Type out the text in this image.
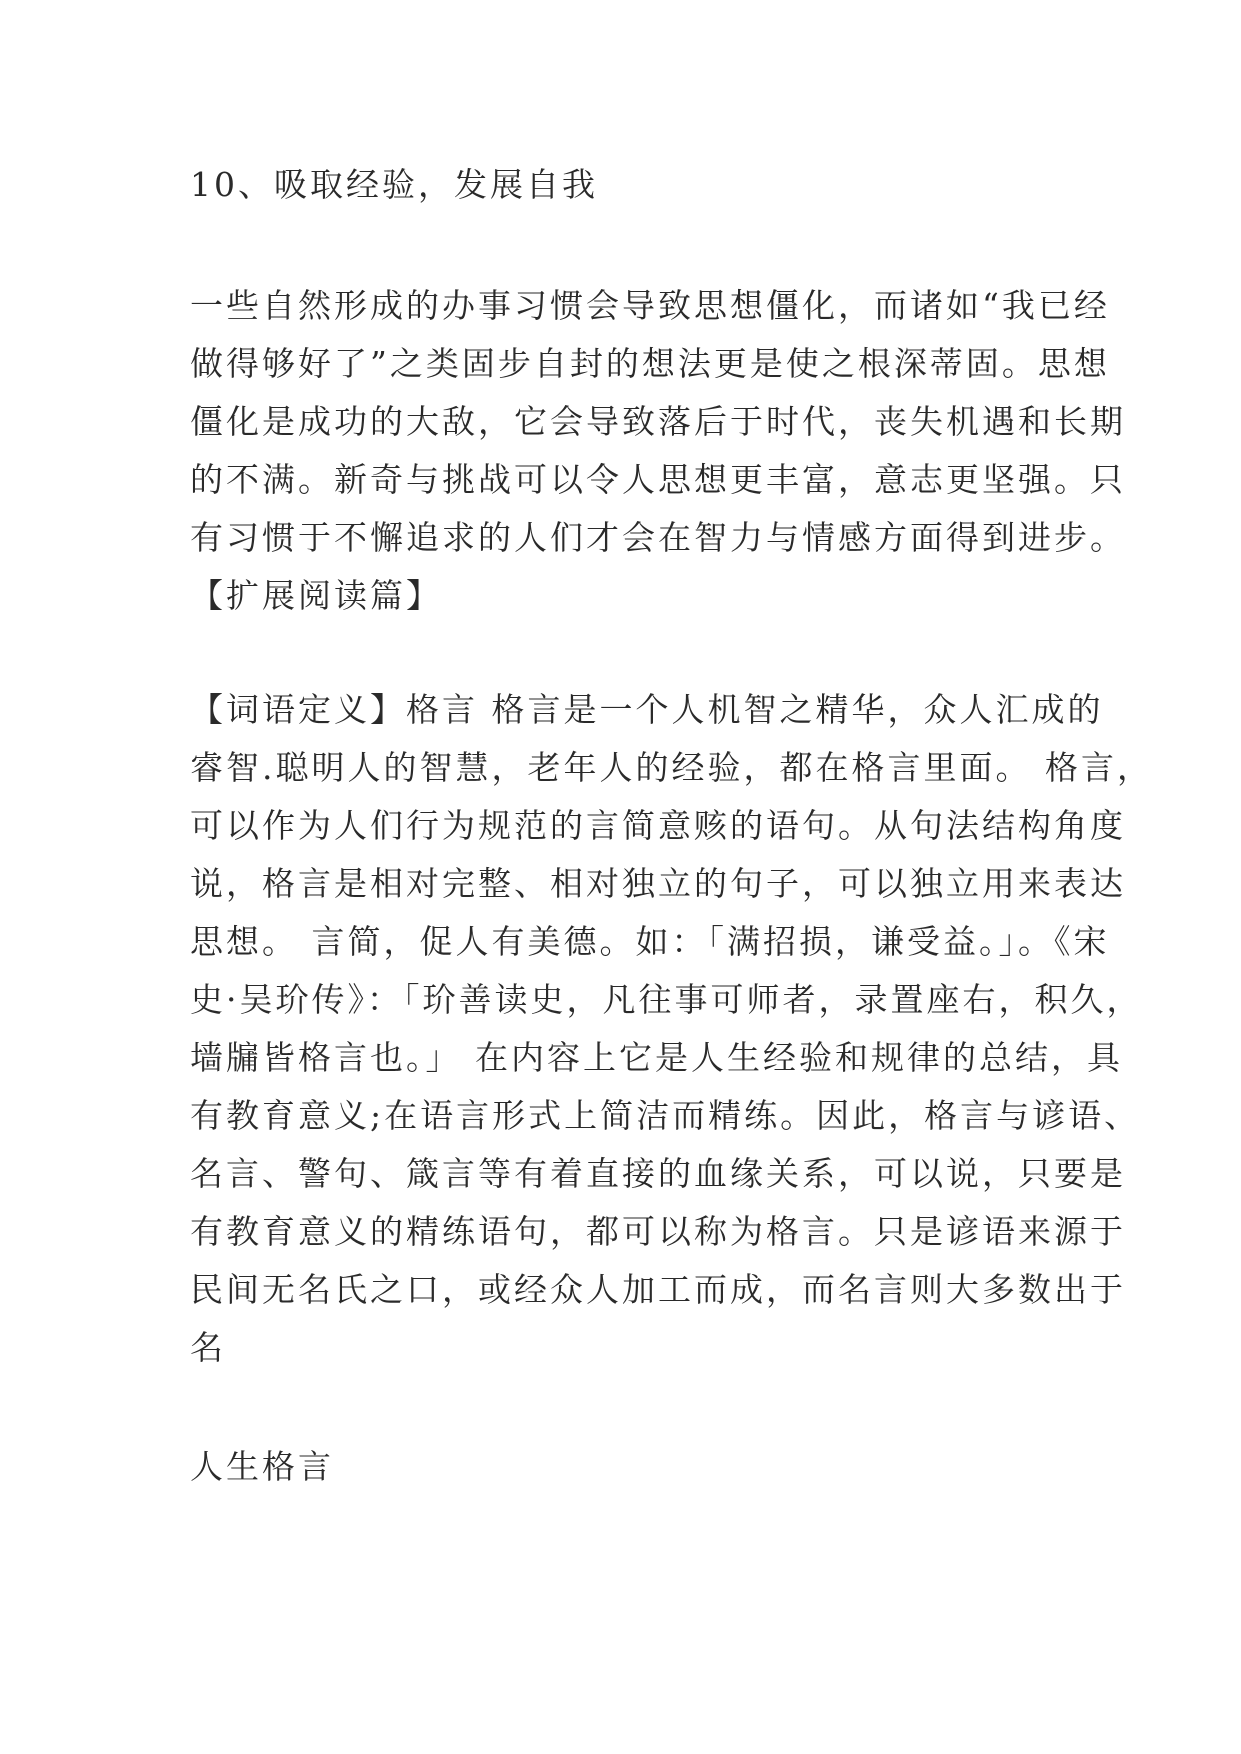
10、吸取经验，发展自我
一些自然形成的办事习惯会导致思想僵化，而诸如“我已经
做得够好了”之类固步自封的想法更是使之根深蒂固。思想
僵化是成功的大敌，它会导致落后于时代，丧失机遇和长期
的不满。新奇与挑战可以令人思想更丰富，意志更坚强。只
有习惯于不懈追求的人们才会在智力与情感方面得到进步。
【扩展阅读篇】
【词语定义】格言 格言是一个人机智之精华，众人汇成的
睿智.聪明人的智慧，老年人的经验，都在格言里面。 格言，
可以作为人们行为规范的言简意赅的语句。从句法结构角度
说，格言是相对完整、相对独立的句子，可以独立用来表达
思想。 言简，促人有美德。如：「满招损，谦受益。」。《宋
史·吴玠传》：「玠善读史，凡往事可师者，录置座右，积久，
墙牖皆格言也。」 在内容上它是人生经验和规律的总结，具
有教育意义;在语言形式上简洁而精练。因此，格言与谚语、
名言、警句、箴言等有着直接的血缘关系，可以说，只要是
有教育意义的精练语句，都可以称为格言。只是谚语来源于
民间无名氏之口，或经众人加工而成，而名言则大多数出于
名
人生格言
